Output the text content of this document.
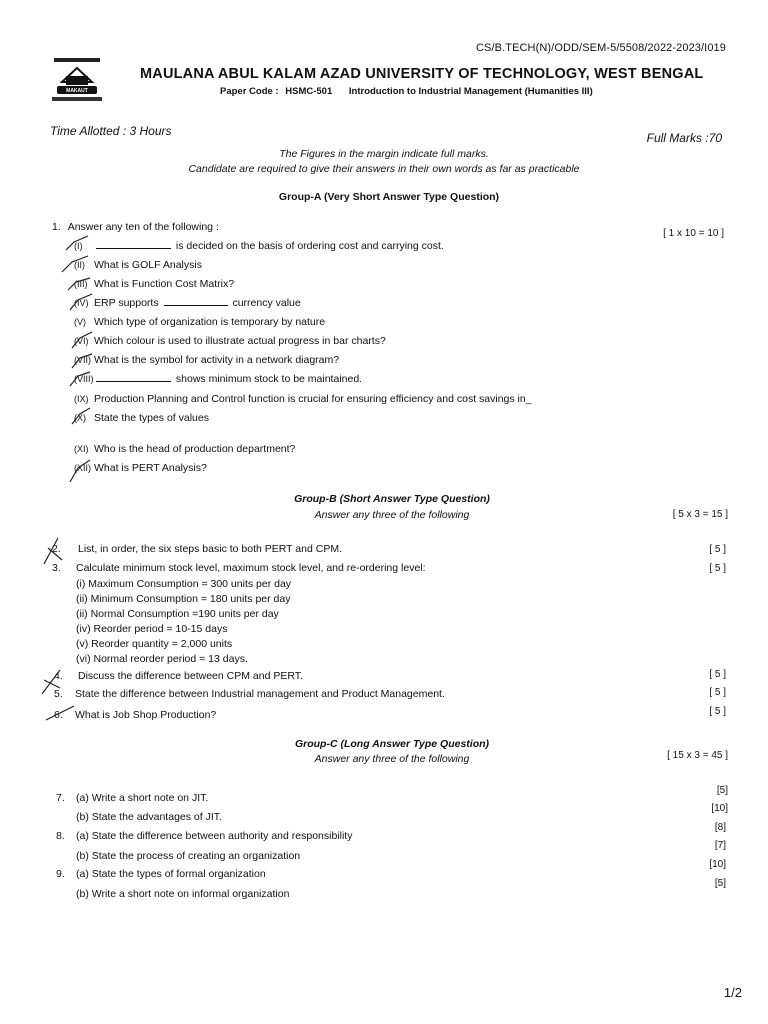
CS/B.TECH(N)/ODD/SEM-5/5508/2022-2023/I019
MAKAUT
MAULANA ABUL KALAM AZAD UNIVERSITY OF TECHNOLOGY, WEST BENGAL
Paper Code : HSMC-501 Introduction to Industrial Management (Humanities III)
Time Allotted : 3 Hours	Full Marks :70
The Figures in the margin indicate full marks.
Candidate are required to give their answers in their own words as far as practicable
Group-A (Very Short Answer Type Question)
1. Answer any ten of the following :
[ 1 x 10 = 10 ]
(I)	is decided on the basis of ordering cost and carrying cost.
(II) What is GOLF Analysis
(III) What is Function Cost Matrix?
(IV) ERP supports	currency value
(V) Which type of organization is temporary by nature
(VI) Which colour is used to illustrate actual progress in bar charts?
(VII) What is the symbol for activity in a network diagram?
(VIII)	shows minimum stock to be maintained.
(IX) Production Planning and Control function is crucial for ensuring efficiency and cost savings in_
(X) State the types of values
(XI) Who is the head of production department?
(XII) What is PERT Analysis?
Group-B (Short Answer Type Question)
Answer any three of the following	[ 5 x 3 = 15 ]
2. List, in order, the six steps basic to both PERT and CPM.	[ 5 ]
3. Calculate minimum stock level, maximum stock level, and re-ordering level:	[ 5 ]
(i) Maximum Consumption = 300 units per day
(ii) Minimum Consumption = 180 units per day
(ii) Normal Consumption =190 units per day
(iv) Reorder period = 10-15 days
(v) Reorder quantity = 2,000 units
(vi) Normal reorder period = 13 days.
4. Discuss the difference between CPM and PERT.	[ 5 ]
5. State the difference between Industrial management and Product Management.	[ 5 ]
6. What is Job Shop Production?	[ 5 ]
Group-C (Long Answer Type Question)
Answer any three of the following	[ 15 x 3 = 45 ]
7. (a) Write a short note on JIT.
[5]
(b) State the advantages of JIT.
[10]
8. (a) State the difference between authority and responsibility
[8]
(b) State the process of creating an organization
[7]
9. (a) State the types of formal organization
[10]
(b) Write a short note on informal organization
[5]
1/2
